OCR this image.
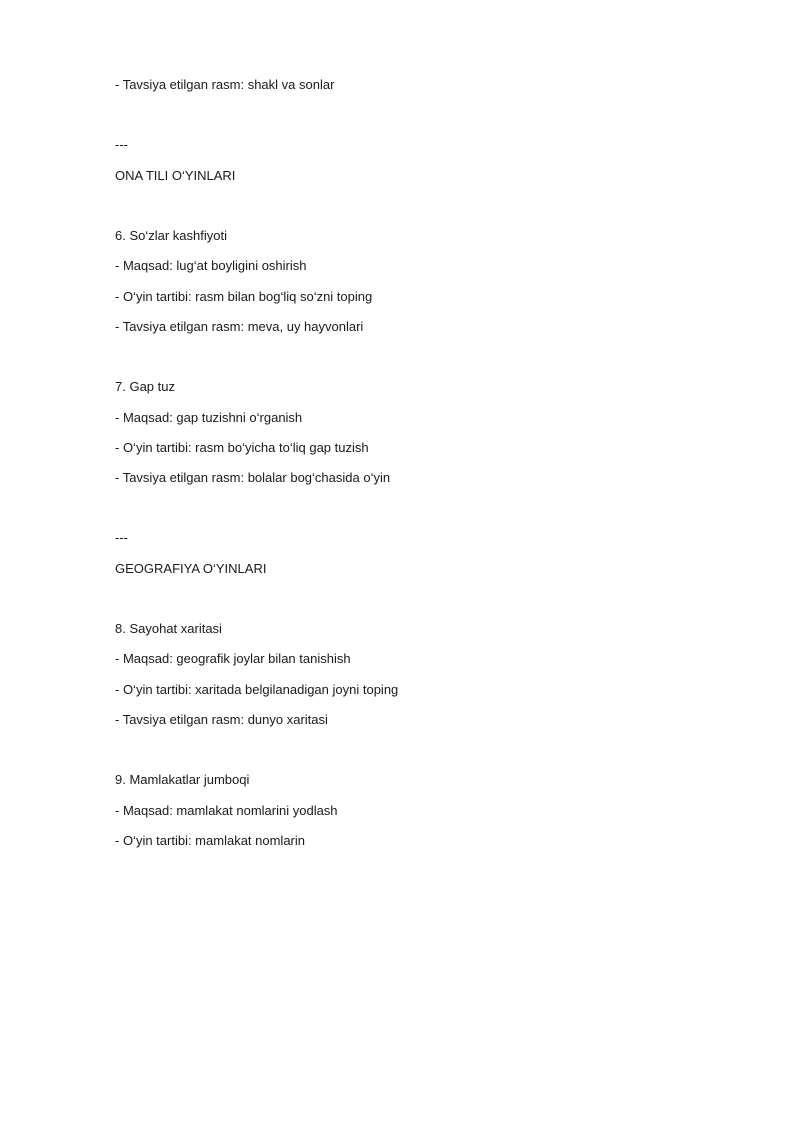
- Tavsiya etilgan rasm: shakl va sonlar
---
ONA TILI O‘YINLARI
6. So‘zlar kashfiyoti
- Maqsad: lug‘at boyligini oshirish
- O‘yin tartibi: rasm bilan bog‘liq so‘zni toping
- Tavsiya etilgan rasm: meva, uy hayvonlari
7. Gap tuz
- Maqsad: gap tuzishni o‘rganish
- O‘yin tartibi: rasm bo‘yicha to‘liq gap tuzish
- Tavsiya etilgan rasm: bolalar bog‘chasida o‘yin
---
GEOGRAFIYA O‘YINLARI
8. Sayohat xaritasi
- Maqsad: geografik joylar bilan tanishish
- O‘yin tartibi: xaritada belgilanadigan joyni toping
- Tavsiya etilgan rasm: dunyo xaritasi
9. Mamlakatlar jumboqi
- Maqsad: mamlakat nomlarini yodlash
- O‘yin tartibi: mamlakat nomlarin
